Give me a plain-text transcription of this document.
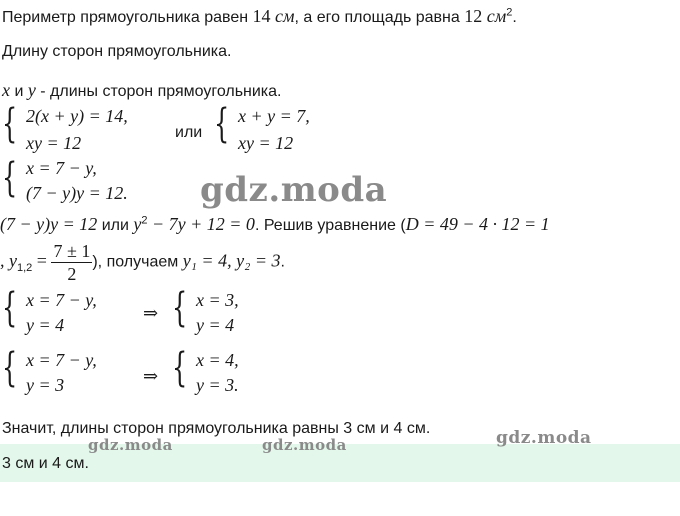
Периметр прямоугольника равен 14 см, а его площадь равна 12 $см^2$.
Длину сторон прямоугольника.
x и y - длины сторон прямоугольника.
{ 2(x + y) = 14,
xy = 12
или { x + y = 7,
xy = 12
{ x = 7 − y,
(7 − y)y = 12. gdz.moda
(7 − y)y = 12 или $y^2 - 7y + 12 = 0$. Решив уравнение (D = 49 − 4 · 12 = 1
, $y_{1,2} = \frac{7 \pm 1}{2}$ ), получаем y₁ = 4, y₂ = 3.
{ x = 7 − y,
y = 4
⇒ { x = 3,
y = 4
{ x = 7 − y,
y = 3	⇒ { x = 4,
y = 3.
Значит, длины сторон прямоугольника равны 3 см и 4 см.
gdz.moda	gdz.moda	gdz.moda
3 см и 4 см.
